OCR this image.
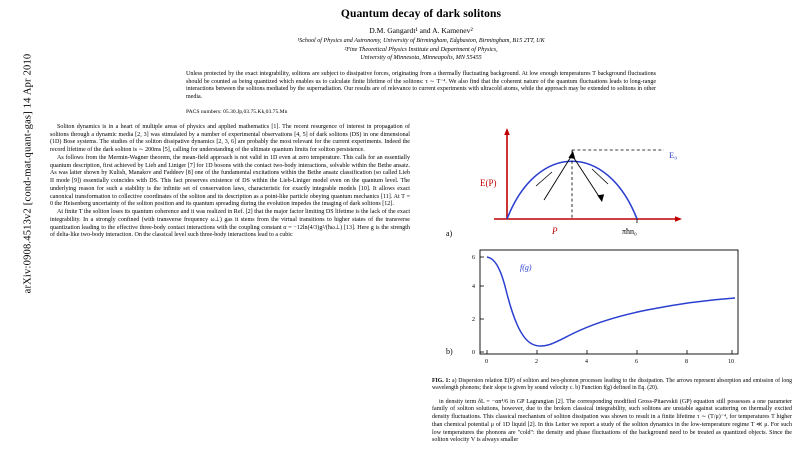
arXiv:0908.4513v2 [cond-mat.quant-gas] 14 Apr 2010
Quantum decay of dark solitons
D.M. Gangardt¹ and A. Kamenev²
¹School of Physics and Astronomy, University of Birmingham, Edgbaston, Birmingham, B15 2TT, UK
²Fine Theoretical Physics Institute and Department of Physics,
University of Minnesota, Minneapolis, MN 55455
Unless protected by the exact integrability, solitons are subject to dissipative forces, originating from a thermally fluctuating background. At low enough temperatures T background fluctuations should be counted as being quantized which enables us to calculate finite lifetime of the solitons: τ ∼ T⁻⁴. We also find that the coherent nature of the quantum fluctuations leads to long-range interactions between the solitons mediated by the superradiation. Our results are of relevance to current experiments with ultracold atoms, while the approach may be extended to solitons in other media.
PACS numbers: 05.30.Jp,03.75.Kk,03.75.Mn

Soliton dynamics is in a heart of multiple areas of physics and applied mathematics [1]. The recent resurgence of interest in propagation of solitons through a dynamic media [2, 3] was stimulated by a number of experimental observations [4, 5] of dark solitons (DS) in one dimensional (1D) Bose systems. The studies of the soliton dissipative dynamics [2, 3, 6] are probably the most relevant for the current experiments. Indeed the record lifetime of the dark soliton is ∼ 200ms [5], calling for understanding of the ultimate quantum limits for soliton persistence.

As follows from the Mermin-Wagner theorem, the mean-field approach is not valid in 1D even at zero temperature. This calls for an essentially quantum description, first achieved by Lieb and Liniger [7] for 1D bosons with the contact two-body interactions, solvable within the Bethe ansatz. As was latter shown by Kulish, Manakov and Faddeev [8] one of the fundamental excitations within the Bethe ansatz classification (so called Lieb II mode [9]) essentially coincides with DS. This fact preserves existence of DS within the Lieb-Liniger model even on the quantum level. The underlying reason for such a stability is the infinite set of conservation laws, characteristic for exactly integrable models [10]. It allows exact canonical transformation to collective coordinates of the soliton and its description as a point-like particle obeying quantum mechanics [11]. At T = 0 the Heisenberg uncertainty of the soliton position and its quantum spreading during the evolution impedes the imaging of dark solitons [12].

At finite T the soliton loses its quantum coherence and it was realized in Ref. [2] that the major factor limiting DS lifetime is the lack of the exact integrability. In a strongly confined (with transverse frequency ω⊥) gas it stems from the virtual transitions to higher states of the transverse quantization leading to the effective three-body contact interactions with the coupling constant α = −12ln(4/3)g²/(ħω⊥) [13]. Here g is the strength of delta-like two-body interaction. On the classical level such three-body interactions lead to a cubic

E(P)
P
E₀
πħn₀
a)
0
2
4
6
0	2	4	6	8	10
f(g)
b)
FIG. 1: a) Dispersion relation E(P) of soliton and two-phonon processes leading to the dissipation. The arrows represent absorption and emission of long wavelength phonons; their slope is given by sound velocity c. b) Function f(g) defined in Eq. (20).

in density term δL = −αn⁴/6 in GP Lagrangian [2]. The corresponding modified Gross-Pitaevskii (GP) equation still possesses a one parameter family of soliton solutions, however, due to the broken classical integrability, such solitons are unstable against scattering on thermally excited density fluctuations. This classical mechanism of soliton dissipation was shown to result in a finite lifetime τ ∼ (T/μ)⁻⁴, for temperatures T higher than chemical potential μ of 1D liquid [2]. In this Letter we report a study of the soliton dynamics in the low-temperature regime T ≪ μ. For such low temperatures the phonons are "cold": the density and phase fluctuations of the background need to be treated as quantized objects. Since the soliton velocity V is always smaller
